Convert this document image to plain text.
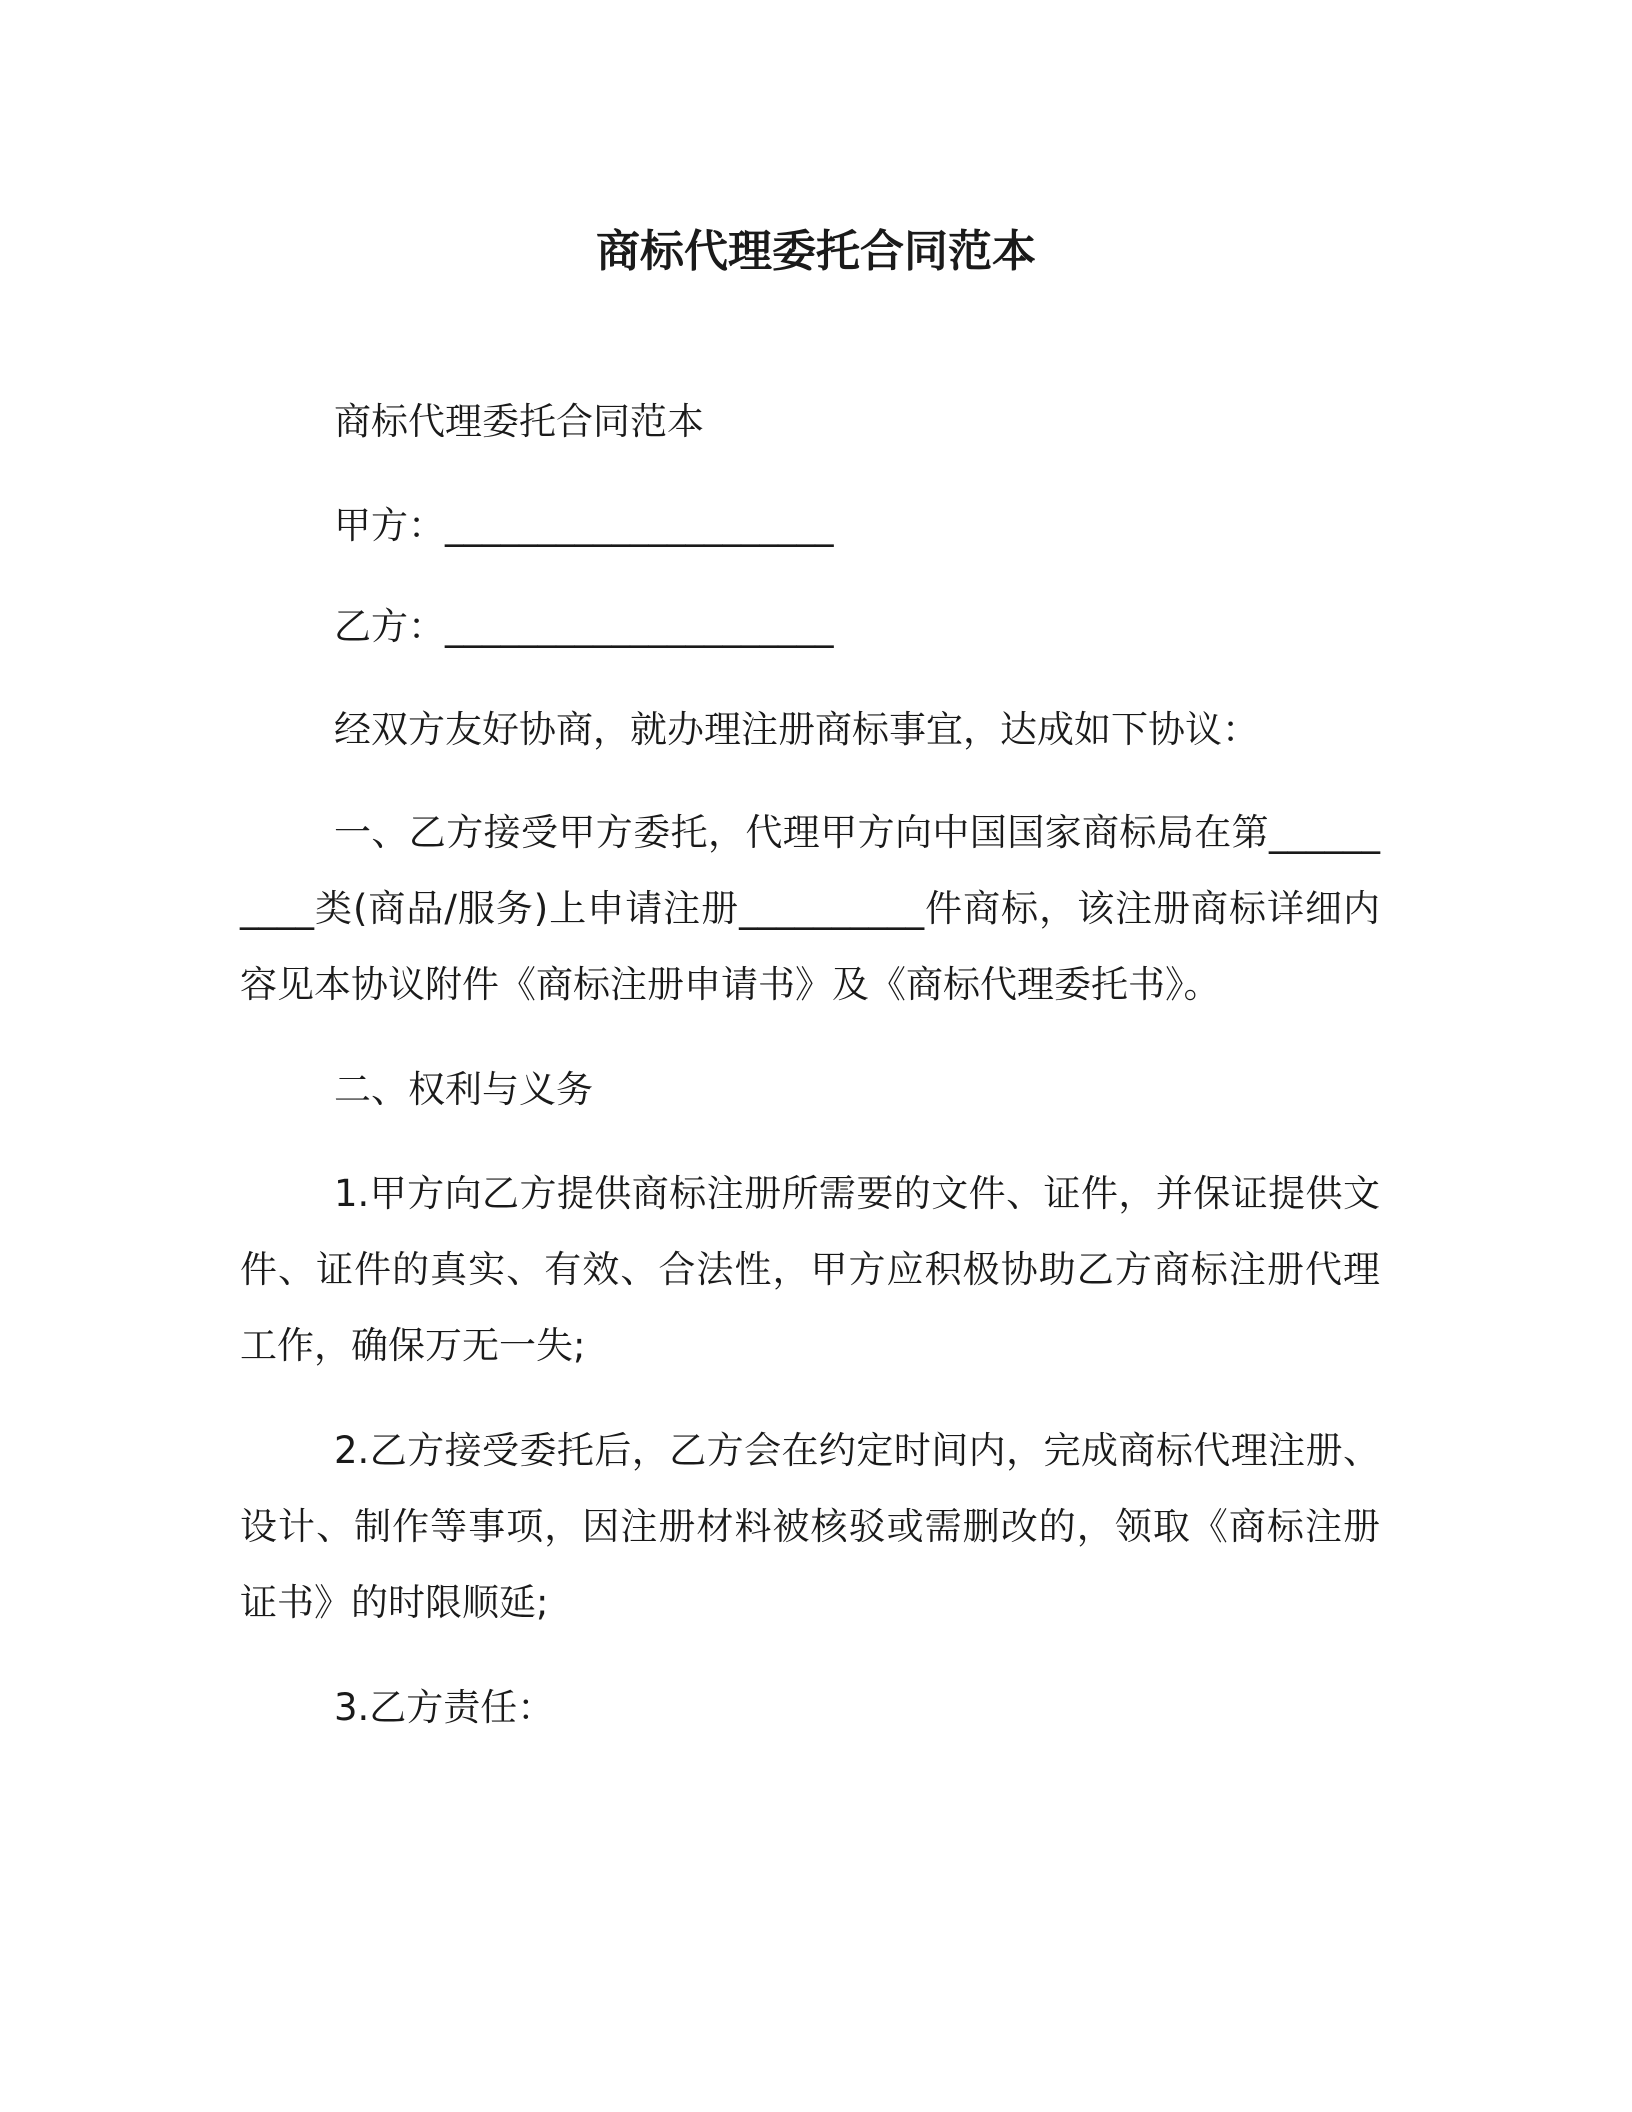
商标代理委托合同范本

商标代理委托合同范本

甲方：_____________________

乙方：_____________________

经双方友好协商，就办理注册商标事宜，达成如下协议：

一、乙方接受甲方委托，代理甲方向中国国家商标局在第__________类(商品/服务)上申请注册__________件商标，该注册商标详细内容见本协议附件《商标注册申请书》及《商标代理委托书》。

二、权利与义务

1.甲方向乙方提供商标注册所需要的文件、证件，并保证提供文件、证件的真实、有效、合法性，甲方应积极协助乙方商标注册代理工作，确保万无一失;

2.乙方接受委托后，乙方会在约定时间内，完成商标代理注册、设计、制作等事项，因注册材料被核驳或需删改的，领取《商标注册证书》的时限顺延;

3.乙方责任：
